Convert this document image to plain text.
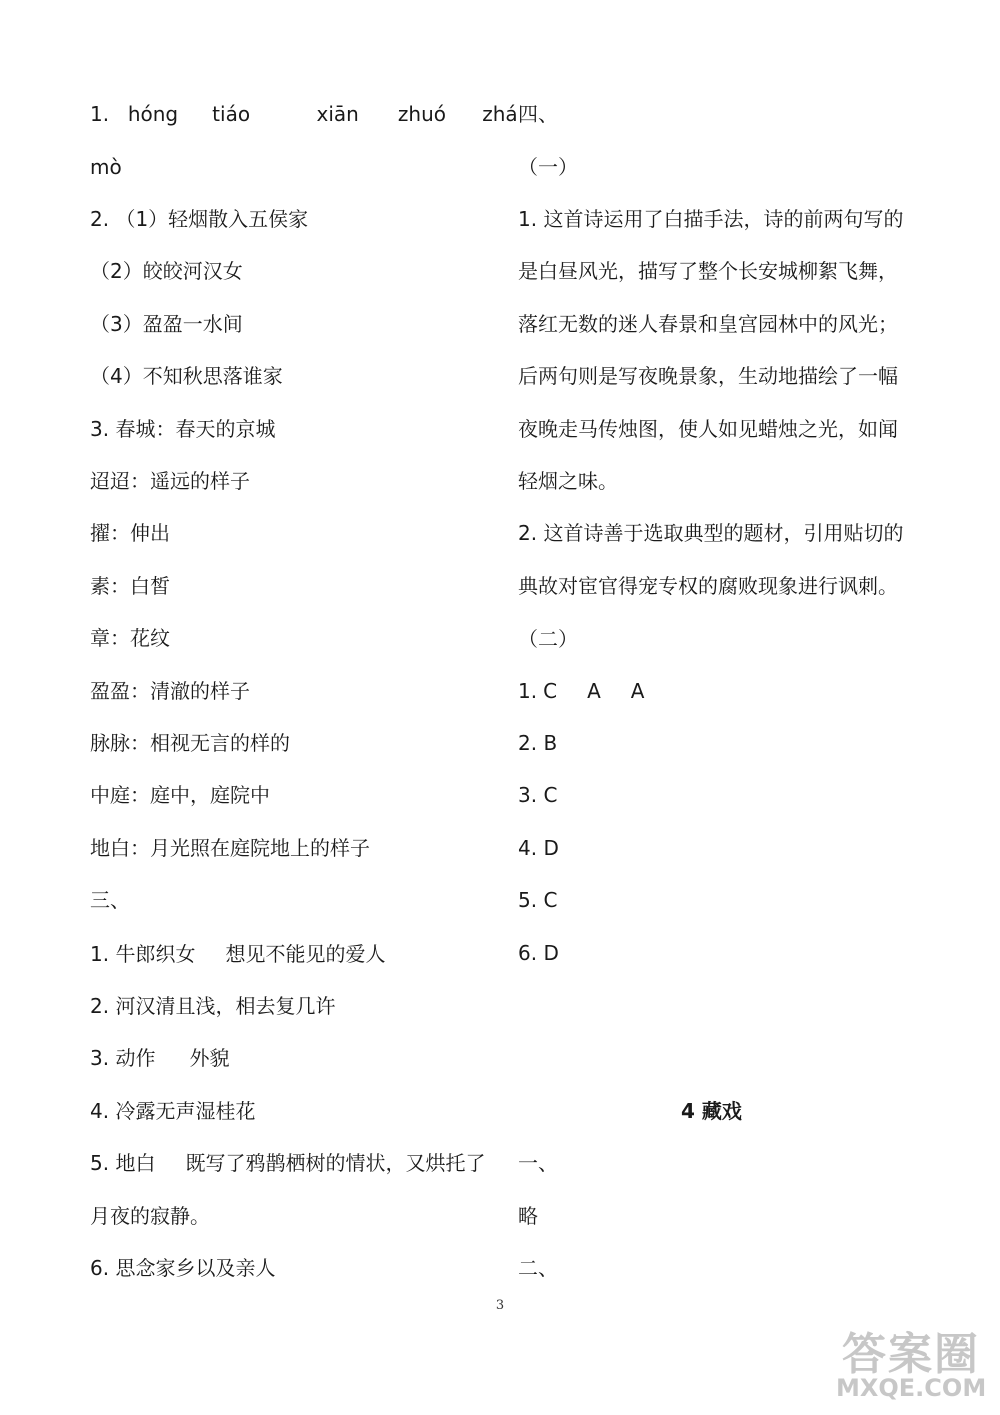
1. hóng tiáo	xiān zhuó zhá
mò
2. （1）轻烟散入五侯家
（2）皎皎河汉女
（3）盈盈一水间
（4）不知秋思落谁家
3. 春城：春天的京城
迢迢：遥远的样子
擢：伸出
素：白皙
章：花纹
盈盈：清澈的样子
脉脉：相视无言的样的
中庭：庭中，庭院中
地白：月光照在庭院地上的样子
三、
1. 牛郎织女 想见不能见的爱人
2. 河汉清且浅，相去复几许
3. 动作 外貌
4. 冷露无声湿桂花
5. 地白 既写了鸦鹊栖树的情状，又烘托了
月夜的寂静。
6. 思念家乡以及亲人
四、
（一）
1. 这首诗运用了白描手法，诗的前两句写的
是白昼风光，描写了整个长安城柳絮飞舞，
落红无数的迷人春景和皇宫园林中的风光；
后两句则是写夜晚景象，生动地描绘了一幅
夜晚走马传烛图，使人如见蜡烛之光，如闻
轻烟之味。
2. 这首诗善于选取典型的题材，引用贴切的
典故对宦官得宠专权的腐败现象进行讽刺。
（二）
1. C A A
2. B
3. C
4. D
5. C
6. D
4 藏戏
一、
略
二、
3
答案圈
MXQE.COM
